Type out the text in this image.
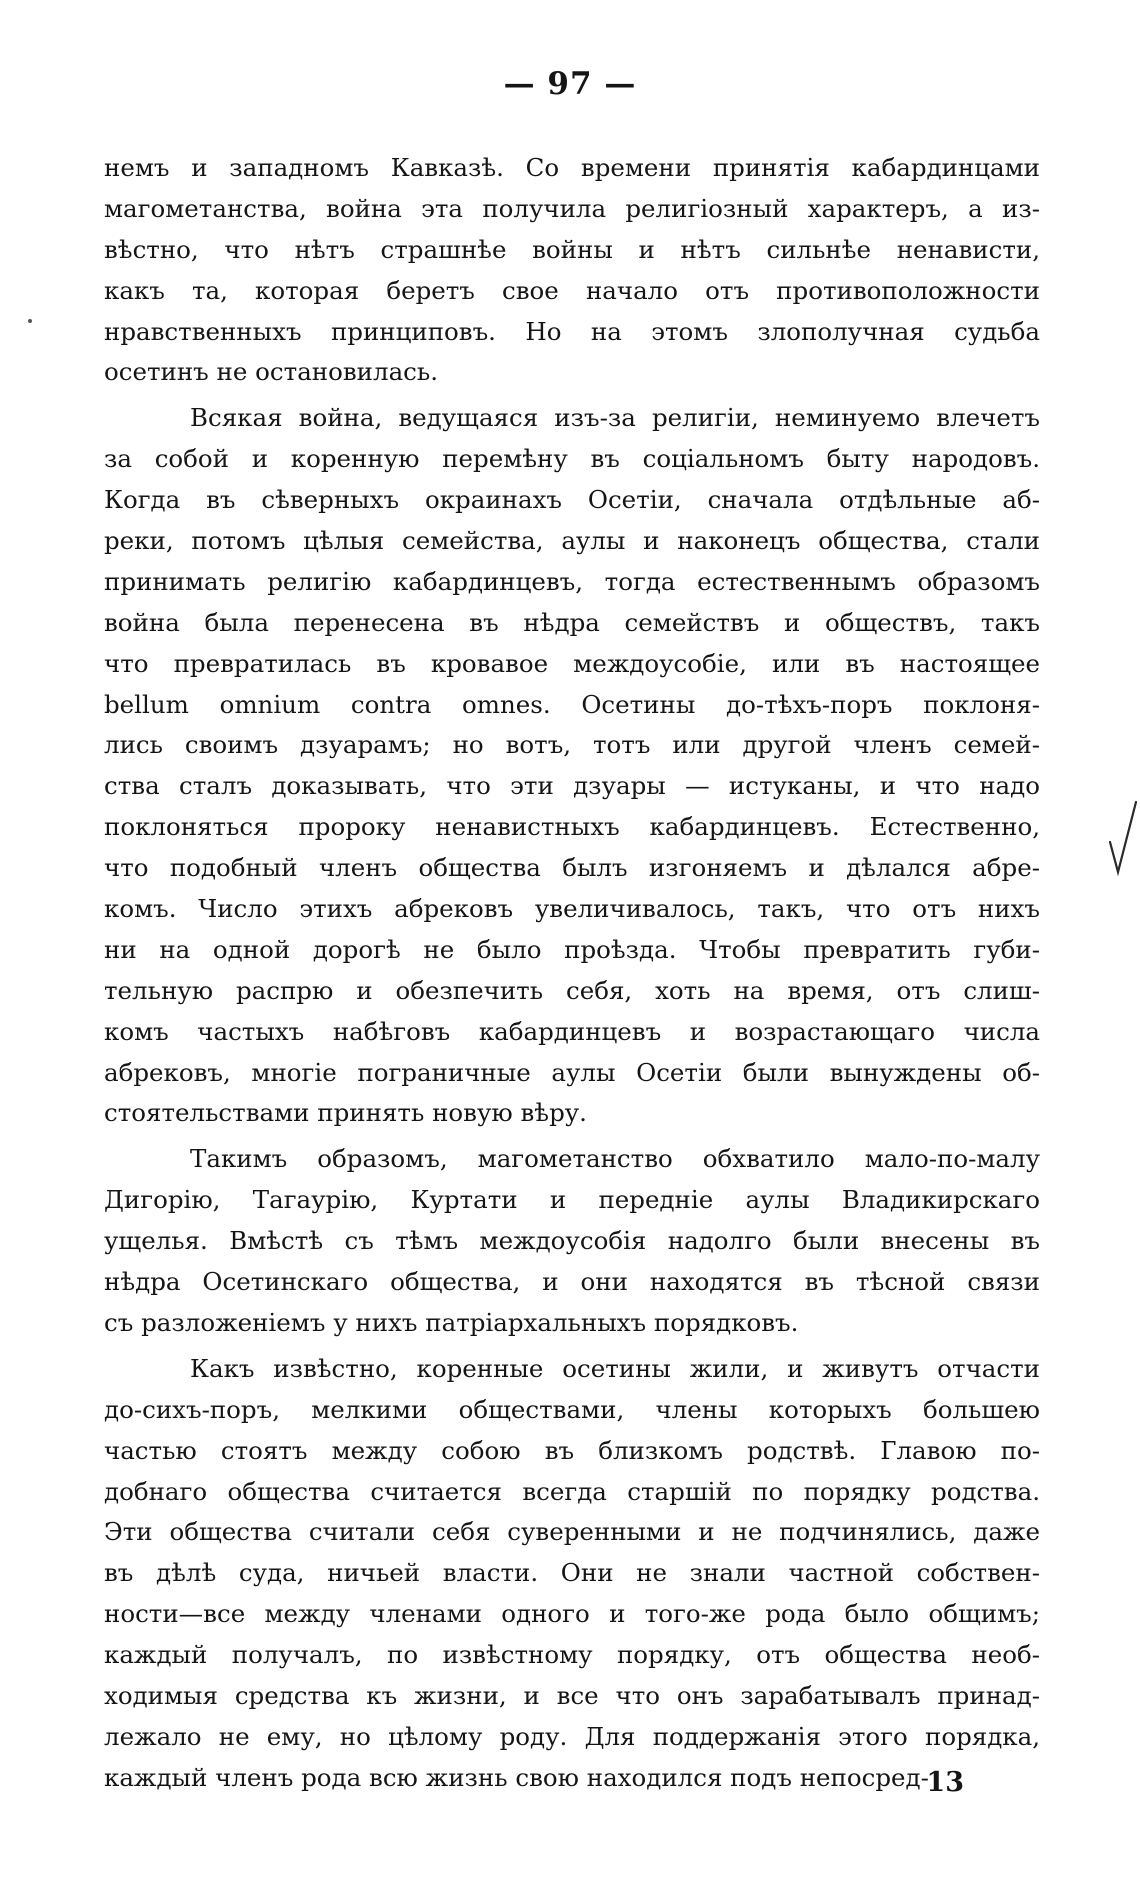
— 97 —
немъ и западномъ Кавказѣ. Со времени принятія кабардинцами
магометанства, война эта получила религіозный характеръ, а из-
вѣстно, что нѣтъ страшнѣе войны и нѣтъ сильнѣе ненависти,
какъ та, которая беретъ свое начало отъ противоположности
нравственныхъ принциповъ. Но на этомъ злополучная судьба
осетинъ не остановилась.
Всякая война, ведущаяся изъ-за религіи, неминуемо влечетъ
за собой и коренную перемѣну въ соціальномъ быту народовъ.
Когда въ сѣверныхъ окраинахъ Осетіи, сначала отдѣльные аб-
реки, потомъ цѣлыя семейства, аулы и наконецъ общества, стали
принимать религію кабардинцевъ, тогда естественнымъ образомъ
война была перенесена въ нѣдра семействъ и обществъ, такъ
что превратилась въ кровавое междоусобіе, или въ настоящее
bellum omnium contra omnes. Осетины до-тѣхъ-поръ поклоня-
лись своимъ дзуарамъ; но вотъ, тотъ или другой членъ семей-
ства сталъ доказывать, что эти дзуары — истуканы, и что надо
поклоняться пророку ненавистныхъ кабардинцевъ. Естественно,
что подобный членъ общества былъ изгоняемъ и дѣлался абре-
комъ. Число этихъ абрековъ увеличивалось, такъ, что отъ нихъ
ни на одной дорогѣ не было проѣзда. Чтобы превратить губи-
тельную распрю и обезпечить себя, хоть на время, отъ слиш-
комъ частыхъ набѣговъ кабардинцевъ и возрастающаго числа
абрековъ, многіе пограничные аулы Осетіи были вынуждены об-
стоятельствами принять новую вѣру.
Такимъ образомъ, магометанство обхватило мало-по-малу
Дигорію, Тагаурію, Куртати и передніе аулы Владикирскаго
ущелья. Вмѣстѣ съ тѣмъ междоусобія надолго были внесены въ
нѣдра Осетинскаго общества, и они находятся въ тѣсной связи
съ разложеніемъ у нихъ патріархальныхъ порядковъ.
Какъ извѣстно, коренные осетины жили, и живутъ отчасти
до-сихъ-поръ, мелкими обществами, члены которыхъ большею
частью стоятъ между собою въ близкомъ родствѣ. Главою по-
добнаго общества считается всегда старшій по порядку родства.
Эти общества считали себя суверенными и не подчинялись, даже
въ дѣлѣ суда, ничьей власти. Они не знали частной собствен-
ности—все между членами одного и того-же рода было общимъ;
каждый получалъ, по извѣстному порядку, отъ общества необ-
ходимыя средства къ жизни, и все что онъ зарабатывалъ принад-
лежало не ему, но цѣлому роду. Для поддержанія этого порядка,
каждый членъ рода всю жизнь свою находился подъ непосред-
13
